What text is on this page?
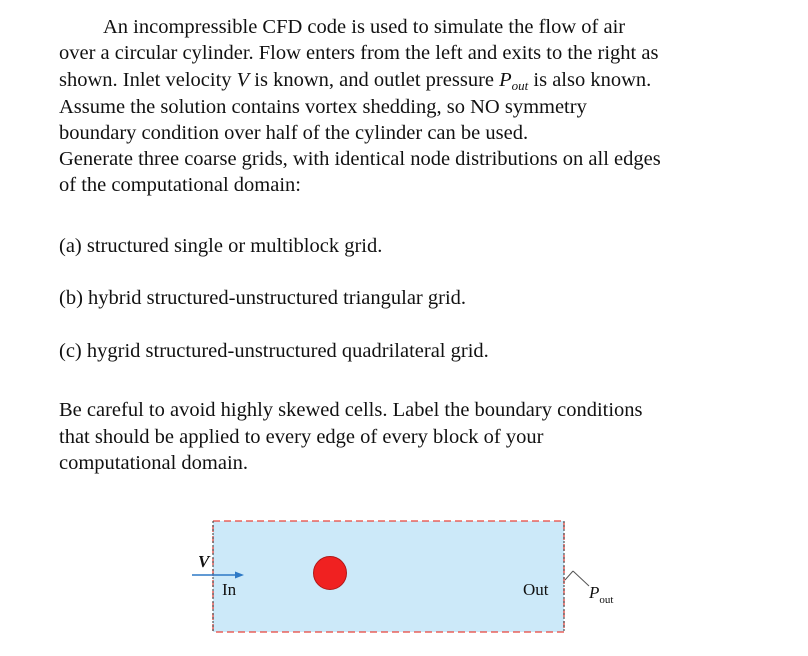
An incompressible CFD code is used to simulate the flow of air
over a circular cylinder. Flow enters from the left and exits to the right as
shown. Inlet velocity V is known, and outlet pressure $P_{out}$ is also known.
Assume the solution contains vortex shedding, so NO symmetry
boundary condition over half of the cylinder can be used.
Generate three coarse grids, with identical node distributions on all edges
of the computational domain:
(a) structured single or multiblock grid.
(b) hybrid structured-unstructured triangular grid.
(c) hygrid structured-unstructured quadrilateral grid.
Be careful to avoid highly skewed cells. Label the boundary conditions
that should be applied to every edge of every block of your
computational domain.
V
In	Out $P_{out}$
